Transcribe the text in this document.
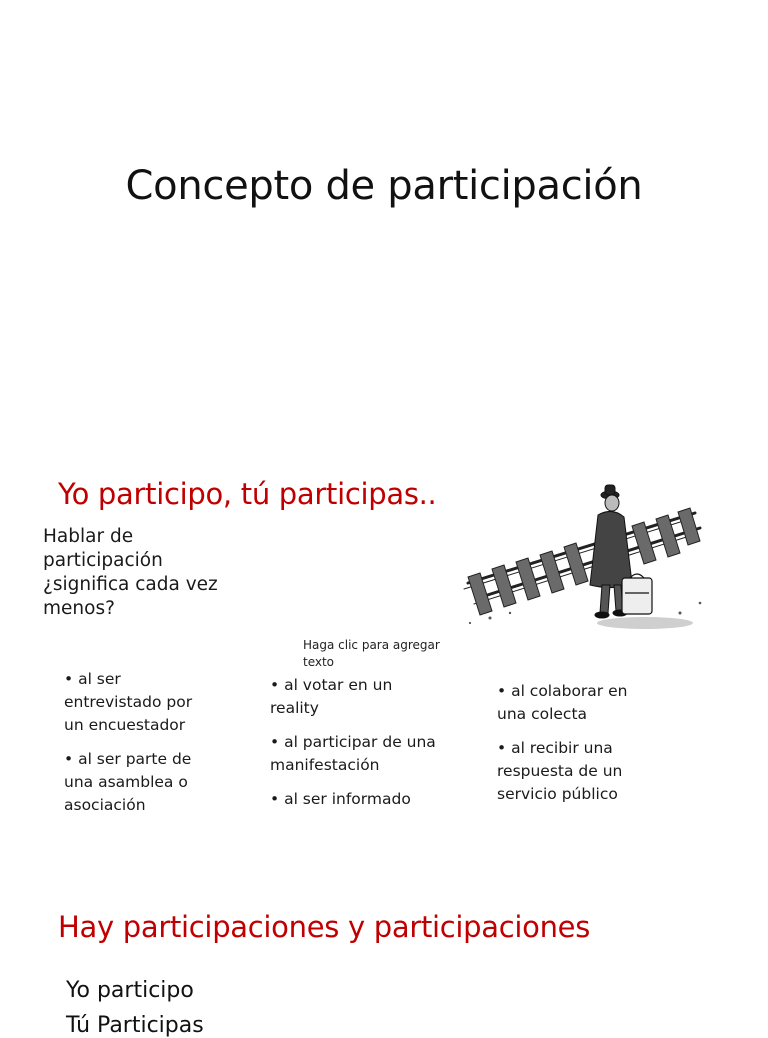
Concepto de participación
Yo participo, tú participas..
Hablar de participación ¿significa cada vez menos?
Haga clic para agregar texto

• al ser entrevistado por un encuestador

• al ser parte de una asamblea o asociación

• al votar en un reality

• al participar de una manifestación

• al ser informado

• al colaborar en una colecta

• al recibir una respuesta de un servicio público

Hay participaciones y participaciones
Yo participo
Tú Participas
